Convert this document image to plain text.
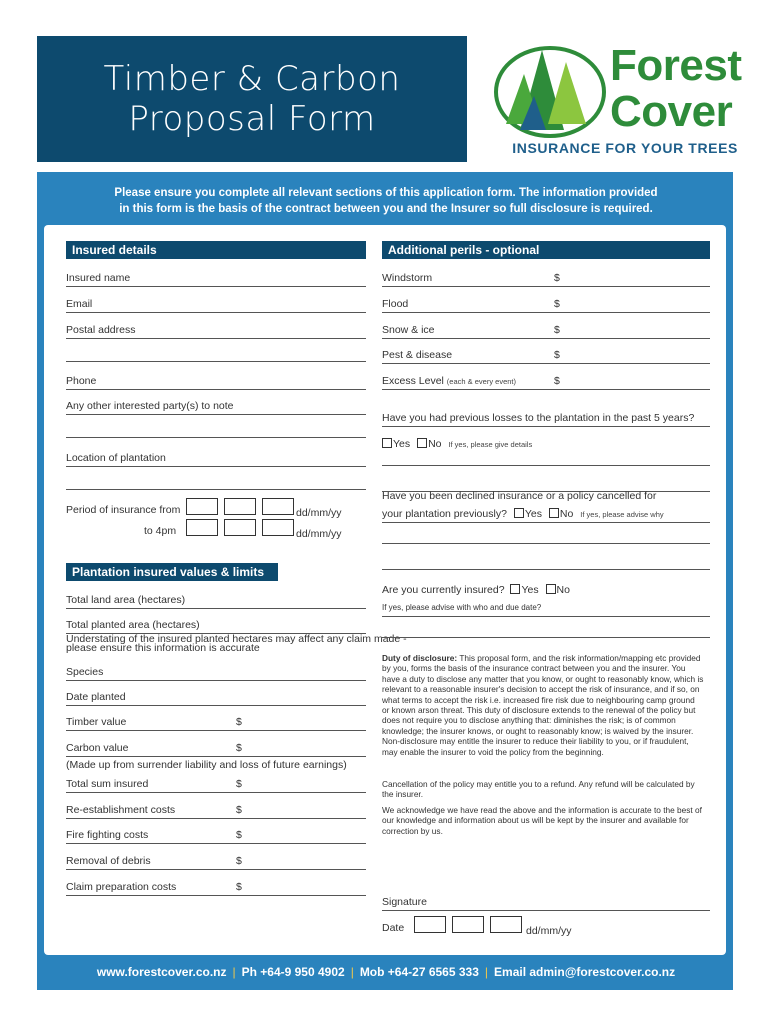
Timber & Carbon
Proposal Form
Forest
Cover
INSURANCE FOR YOUR TREES
Please ensure you complete all relevant sections of this application form. The information provided
in this form is the basis of the contract between you and the Insurer so full disclosure is required.
Insured details
Insured name
Email
Postal address
Phone
Any other interested party(s) to note
Location of plantation
Period of insurance from	dd/mm/yy
to 4pm	dd/mm/yy
Plantation insured values & limits
Total land area (hectares)
Total planted area (hectares)
Understating of the insured planted hectares may affect any claim made -
please ensure this information is accurate
Species
Date planted
Timber value	$
Carbon value	$
(Made up from surrender liability and loss of future earnings)
Total sum insured	$
Re-establishment costs	$
Fire fighting costs	$
Removal of debris	$
Claim preparation costs	$
Additional perils - optional
Windstorm	$
Flood	$
Snow & ice	$
Pest & disease	$
Excess Level (each & every event)	$
Have you had previous losses to the plantation in the past 5 years?
Yes No If yes, please give details
Have you been declined insurance or a policy cancelled for
your plantation previously? Yes No If yes, please advise why
Are you currently insured? Yes No
If yes, please advise with who and due date?
Duty of disclosure: This proposal form, and the risk information/mapping etc provided by you, forms the basis of the insurance contract between you and the insurer. You have a duty to disclose any matter that you know, or ought to reasonably know, which is relevant to a reasonable insurer's decision to accept the risk of insurance, and if so, on what terms to accept the risk i.e. increased fire risk due to neighbouring camp ground or known arson threat. This duty of disclosure extends to the renewal of the policy but does not require you to disclose anything that: diminishes the risk; is of common knowledge; the insurer knows, or ought to reasonably know; is waived by the insurer. Non-disclosure may entitle the insurer to reduce their liability to you, or if fraudulent, may enable the insurer to void the policy from the beginning.
Cancellation of the policy may entitle you to a refund. Any refund will be calculated by the insurer.
We acknowledge we have read the above and the information is accurate to the best of our knowledge and information about us will be kept by the insurer and available for correction by us.
Signature
Date	dd/mm/yy
www.forestcover.co.nz | Ph +64-9 950 4902 | Mob +64-27 6565 333 | Email admin@forestcover.co.nz
